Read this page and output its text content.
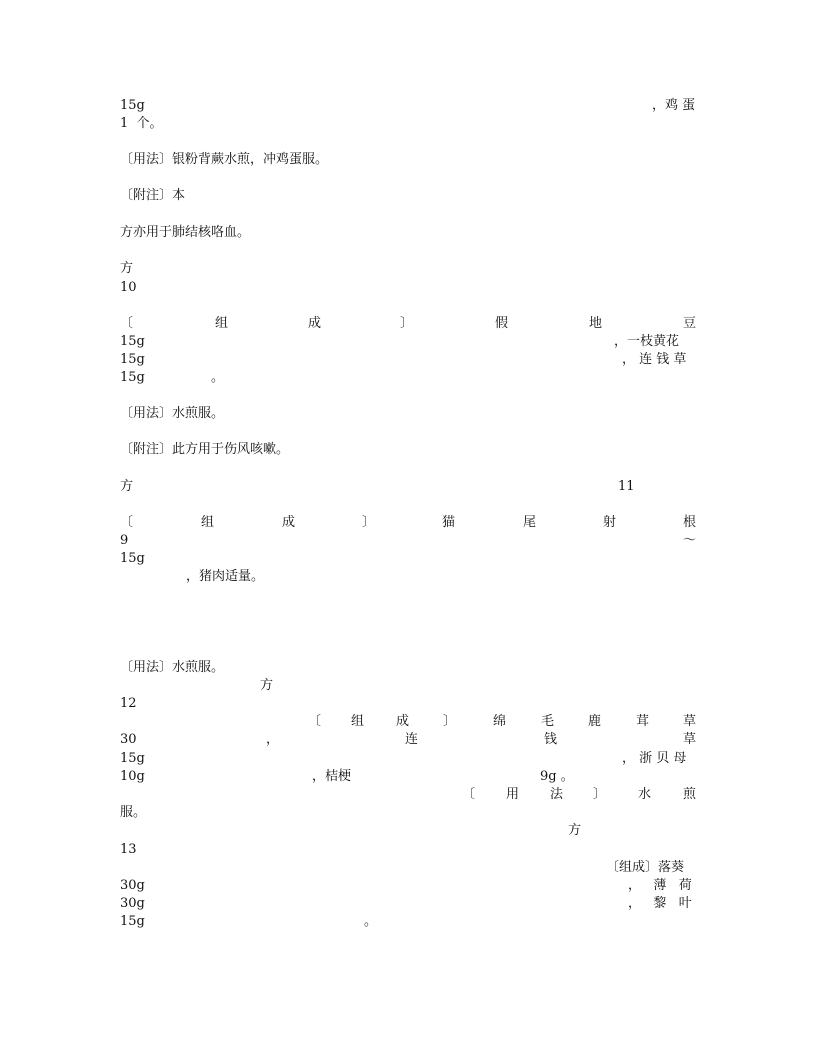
15g	，鸡 蛋
1  个。
〔用法〕银粉背蕨水煎，冲鸡蛋服。
〔附注〕本
方亦用于肺结核咯血。
方
10
〔	组	成	〕	假	地	豆
15g	，一枝黄花
15g	， 连 钱 草
15g	。
〔用法〕水煎服。
〔附注〕此方用于伤风咳嗽。
方	11
〔	组	成	〕	猫	尾	射	根
9	～
15g
，猪肉适量。
〔用法〕水煎服。
方
12
〔 组 成	〕	绵	毛	鹿	茸	草
30	，	连	钱	草
15g	， 浙 贝 母
10g	，桔梗	9g 。
〔 用 法 〕 水 煎
服。
方
13
〔组成〕落葵
30g	，   薄   荷
30g	，   黎   叶
15g	。
